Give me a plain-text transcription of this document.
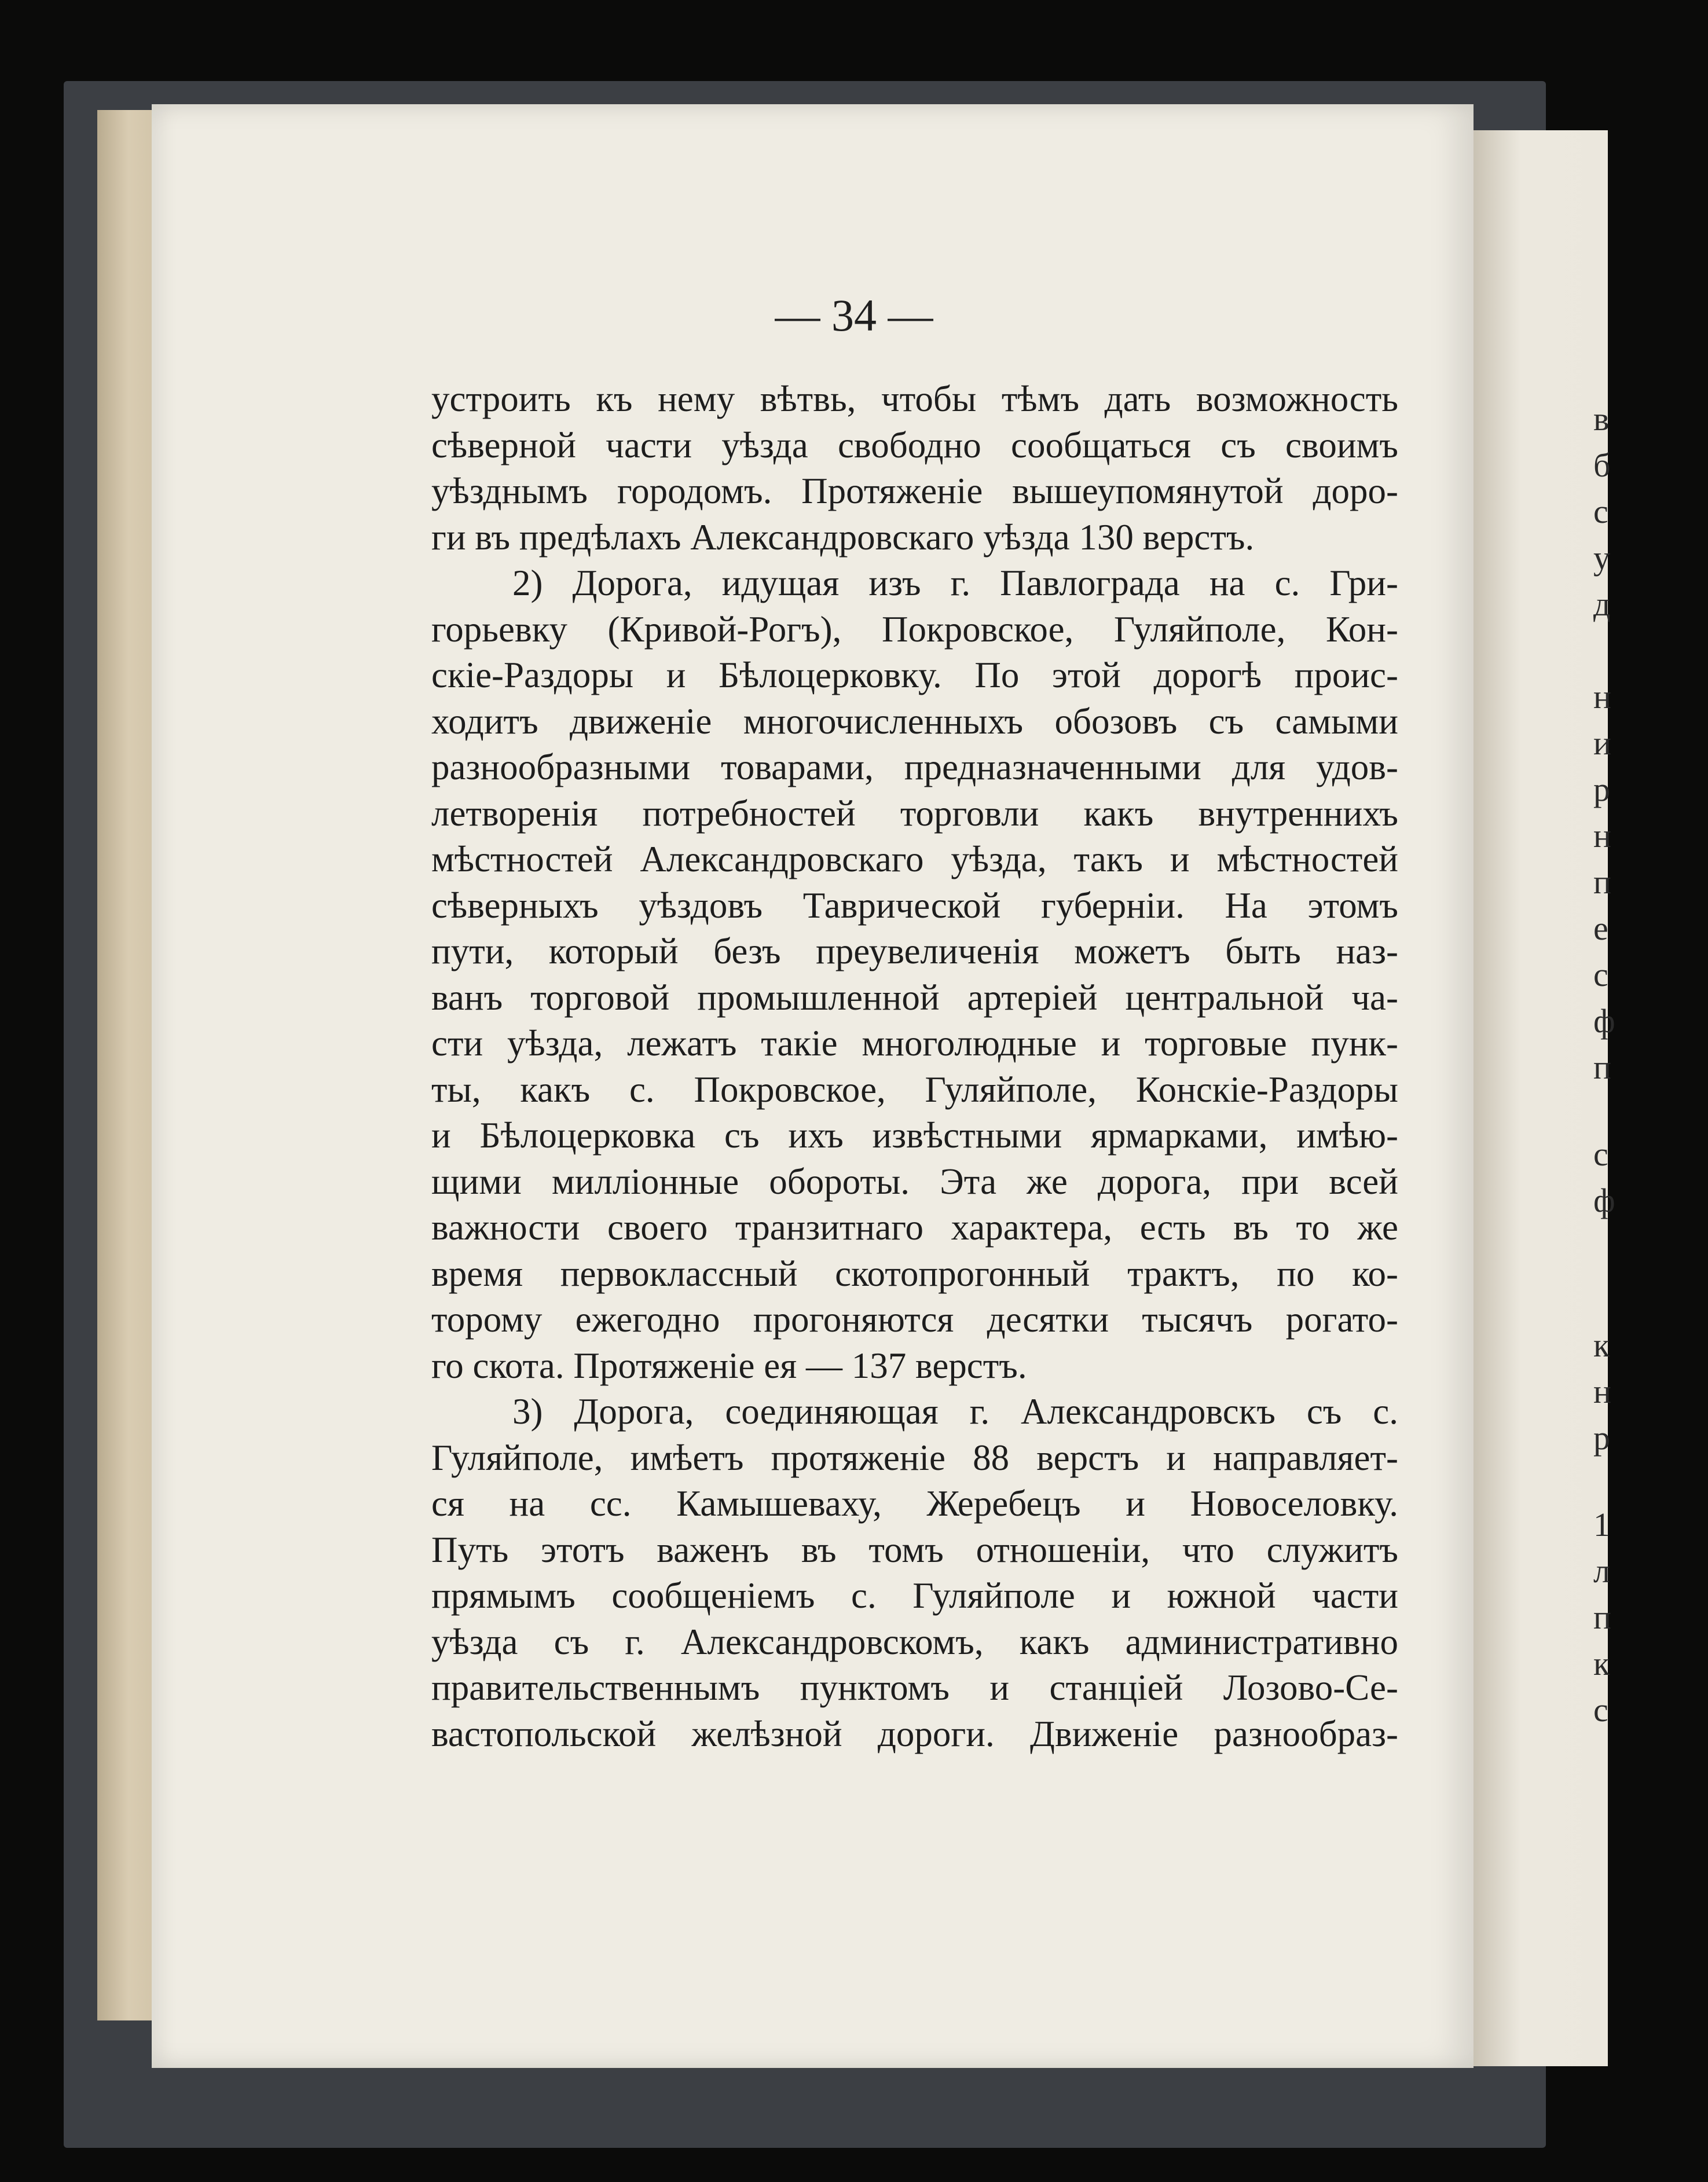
— 34 —
устроить къ нему вѣтвь, чтобы тѣмъ дать возможность
сѣверной части уѣзда свободно сообщаться съ своимъ
уѣзднымъ городомъ. Протяженіе вышеупомянутой доро-
ги въ предѣлахъ Александровскаго уѣзда 130 верстъ.
2) Дорога, идущая изъ г. Павлограда на с. Гри-
горьевку (Кривой-Рогъ), Покровское, Гуляйполе, Кон-
скіе-Раздоры и Бѣлоцерковку. По этой дорогѣ проис-
ходитъ движеніе многочисленныхъ обозовъ съ самыми
разнообразными товарами, предназначенными для удов-
летворенія потребностей торговли какъ внутреннихъ
мѣстностей Александровскаго уѣзда, такъ и мѣстностей
сѣверныхъ уѣздовъ Таврической губерніи. На этомъ
пути, который безъ преувеличенія можетъ быть наз-
ванъ торговой промышленной артеріей центральной ча-
сти уѣзда, лежатъ такіе многолюдные и торговые пунк-
ты, какъ с. Покровское, Гуляйполе, Конскіе-Раздоры
и Бѣлоцерковка съ ихъ извѣстными ярмарками, имѣю-
щими милліонные обороты. Эта же дорога, при всей
важности своего транзитнаго характера, есть въ то же
время первоклассный скотопрогонный трактъ, по ко-
торому ежегодно прогоняются десятки тысячъ рогато-
го скота. Протяженіе ея — 137 верстъ.
3) Дорога, соединяющая г. Александровскъ съ с.
Гуляйполе, имѣетъ протяженіе 88 верстъ и направляет-
ся на сс. Камышеваху, Жеребецъ и Новоселовку.
Путь этотъ важенъ въ томъ отношеніи, что служитъ
прямымъ сообщеніемъ с. Гуляйполе и южной части
уѣзда съ г. Александровскомъ, какъ административно
правительственнымъ пунктомъ и станціей Лозово-Се-
вастопольской желѣзной дороги. Движеніе разнообраз-
в
б
с
у
д
н
и
р
н
п
е
с
ф
п
с
ф
к
н
р
1
л
п
к
с
